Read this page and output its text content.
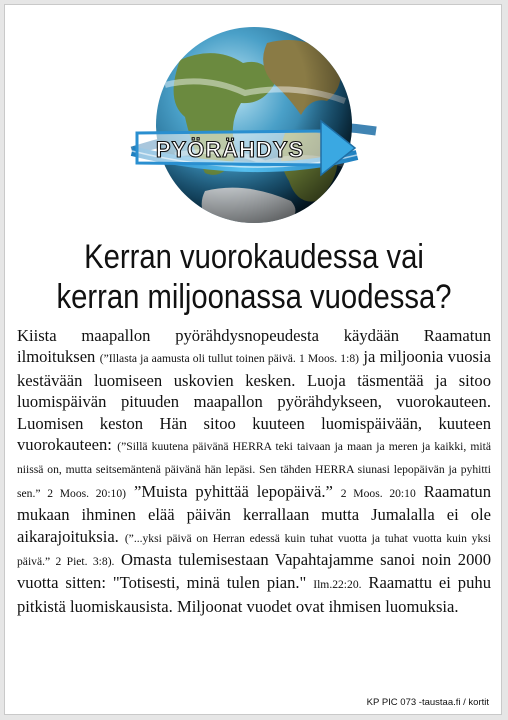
PYÖRÄHDYS
Kerran vuorokaudessa vai
kerran miljoonassa vuodessa?
Kiista maapallon pyörähdysnopeudesta käydään Raamatun ilmoituksen (”Illasta ja aamusta oli tullut toinen päivä. 1 Moos. 1:8) ja miljoonia vuosia kestävään luomiseen uskovien kesken. Luoja täsmentää ja sitoo luomispäivän pituuden maapallon pyörähdykseen, vuorokauteen. Luomisen keston Hän sitoo kuuteen luomispäivään, kuuteen vuorokauteen: (”Sillä kuutena päivänä HERRA teki taivaan ja maan ja meren ja kaikki, mitä niissä on, mutta seitsemäntenä päivänä hän lepäsi. Sen tähden HERRA siunasi lepopäivän ja pyhitti sen.” 2 Moos. 20:10) ”Muista pyhittää lepopäivä.” 2 Moos. 20:10 Raamatun mukaan ihminen elää päivän kerrallaan mutta Jumalalla ei ole aikarajoituksia. (”...yksi päivä on Herran edessä kuin tuhat vuotta ja tuhat vuotta kuin yksi päivä.” 2 Piet. 3:8). Omasta tulemisestaan Vapahtajamme sanoi noin 2000 vuotta sitten: "Totisesti, minä tulen pian." Ilm.22:20. Raamattu ei puhu pitkistä luomiskausista. Miljoonat vuodet ovat ihmisen luomuksia.
KP PIC 073 -taustaa.fi / kortit
